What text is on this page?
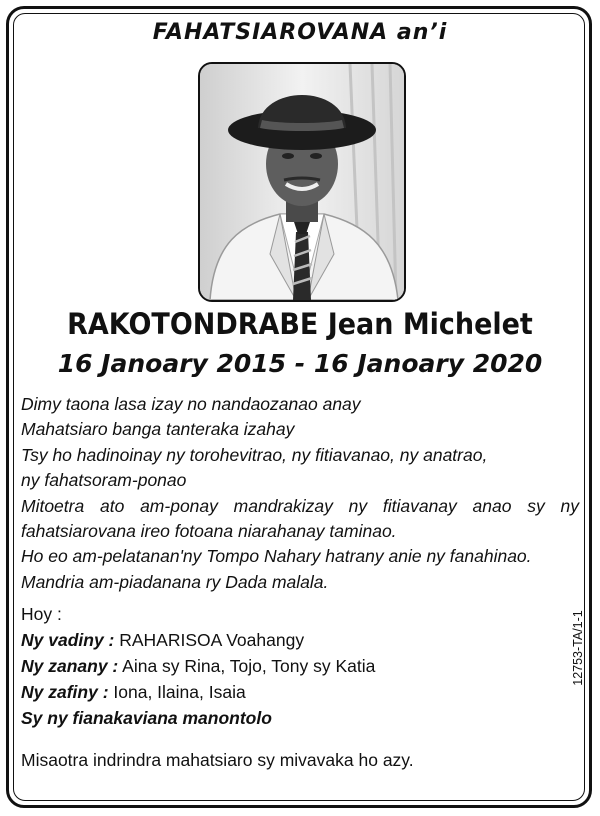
FAHATSIAROVANA an’i
RAKOTONDRABE Jean Michelet
16 Janoary 2015 - 16 Janoary 2020
Dimy taona lasa izay no nandaozanao anay
Mahatsiaro banga tanteraka izahay
Tsy ho hadinoinay ny torohevitrao, ny fitiavanao, ny anatrao,
ny fahatsoram-ponao
Mitoetra ato am-ponay mandrakizay ny fitiavanay anao sy ny
fahatsiarovana ireo fotoana niarahanay taminao.
Ho eo am-pelatanan'ny Tompo Nahary hatrany anie ny fanahinao.
Mandria am-piadanana ry Dada malala.
Hoy :
Ny vadiny : RAHARISOA Voahangy
Ny zanany : Aina sy Rina, Tojo, Tony sy Katia
Ny zafiny : Iona, Ilaina, Isaia
Sy ny fianakaviana manontolo
Misaotra indrindra mahatsiaro sy mivavaka ho azy.
12753-TA/1-1
